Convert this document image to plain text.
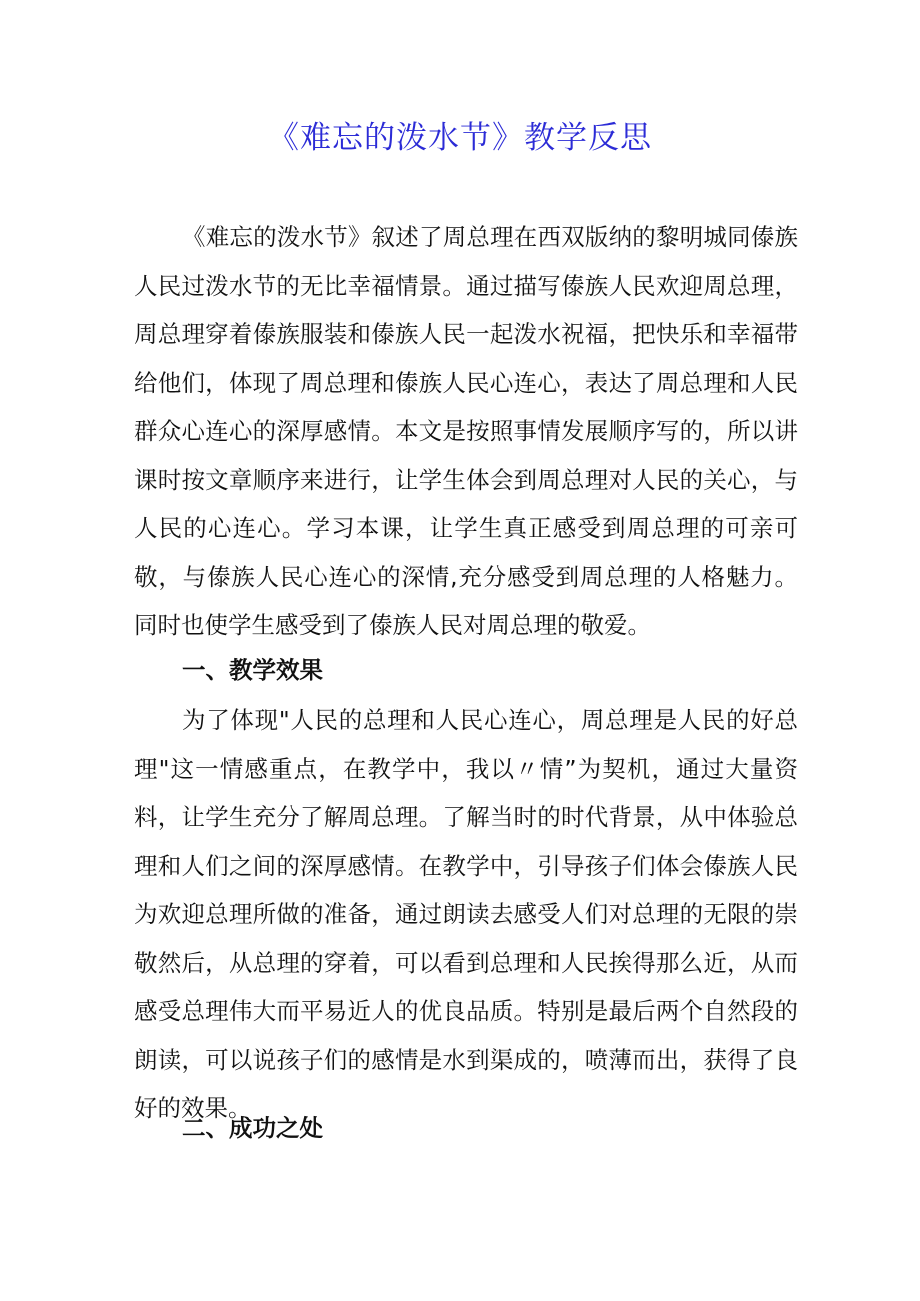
《难忘的泼水节》教学反思

《难忘的泼水节》叙述了周总理在西双版纳的黎明城同傣族人民过泼水节的无比幸福情景。通过描写傣族人民欢迎周总理，周总理穿着傣族服装和傣族人民一起泼水祝福，把快乐和幸福带给他们，体现了周总理和傣族人民心连心，表达了周总理和人民群众心连心的深厚感情。本文是按照事情发展顺序写的，所以讲课时按文章顺序来进行，让学生体会到周总理对人民的关心，与人民的心连心。学习本课，让学生真正感受到周总理的可亲可敬，与傣族人民心连心的深情,充分感受到周总理的人格魅力。同时也使学生感受到了傣族人民对周总理的敬爱。

一、教学效果

为了体现"人民的总理和人民心连心，周总理是人民的好总理"这一情感重点，在教学中，我以〃情”为契机，通过大量资料，让学生充分了解周总理。了解当时的时代背景，从中体验总理和人们之间的深厚感情。在教学中，引导孩子们体会傣族人民为欢迎总理所做的准备，通过朗读去感受人们对总理的无限的崇敬然后，从总理的穿着，可以看到总理和人民挨得那么近，从而感受总理伟大而平易近人的优良品质。特别是最后两个自然段的朗读，可以说孩子们的感情是水到渠成的，喷薄而出，获得了良好的效果。

二、成功之处
